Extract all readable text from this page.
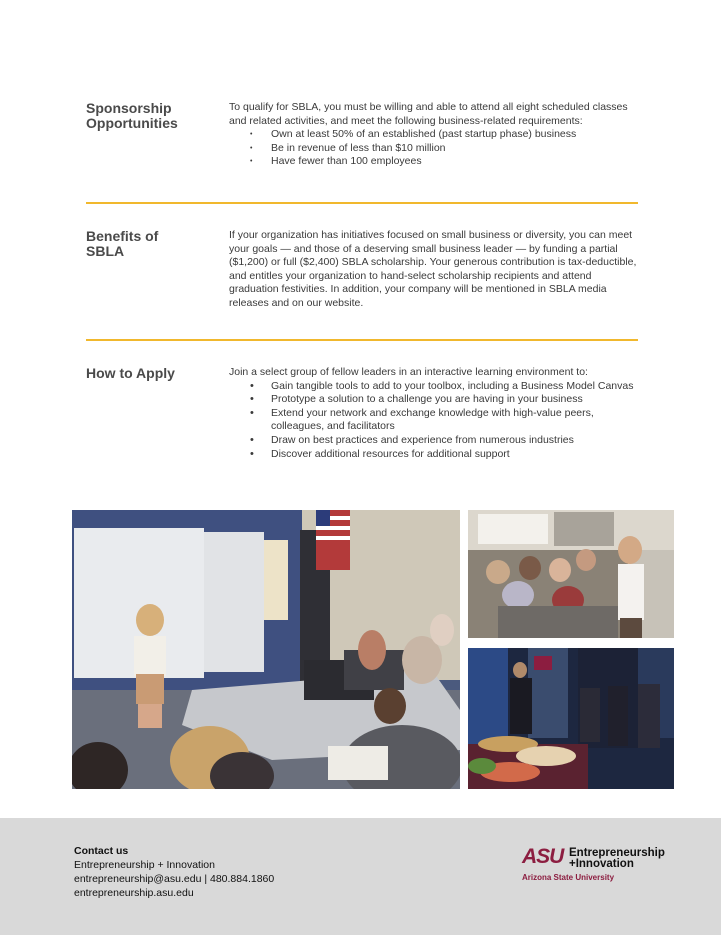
Sponsorship Opportunities

To qualify for SBLA, you must be willing and able to attend all eight scheduled classes and related activities, and meet the following business-related requirements:

• Own at least 50% of an established (past startup phase) business
• Be in revenue of less than $10 million
• Have fewer than 100 employees
Benefits of SBLA

If your organization has initiatives focused on small business or diversity, you can meet your goals — and those of a deserving small business leader — by funding a partial ($1,200) or full ($2,400) SBLA scholarship. Your generous contribution is tax-deductible, and entitles your organization to hand-select scholarship recipients and attend graduation festivities. In addition, your company will be mentioned in SBLA media releases and on our website.

How to Apply	Join a select group of fellow leaders in an interactive learning environment to:

• Gain tangible tools to add to your toolbox, including a Business Model Canvas
• Prototype a solution to a challenge you are having in your business
• Extend your network and exchange knowledge with high-value peers, colleagues, and facilitators
• Draw on best practices and experience from numerous industries
• Discover additional resources for additional support
Contact us
Entrepreneurship + Innovation
entrepreneurship@asu.edu | 480.884.1860
entrepreneurship.asu.edu
ASU Entrepreneurship
+Innovation
Arizona State University
